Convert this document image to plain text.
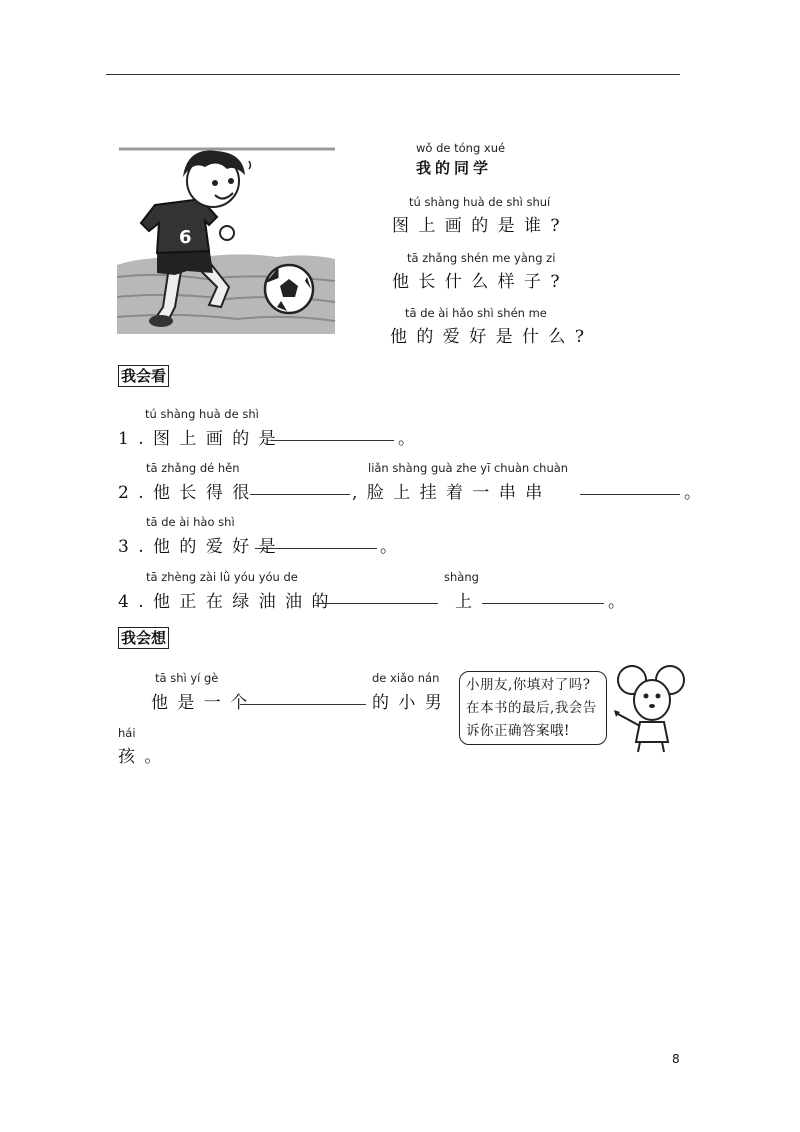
6
wǒ de tóng xué
我的同学
tú shàng huà de shì shuí
图 上 画 的 是 谁 ?
tā zhǎng shén me yàng zi
他 长 什 么 样 子 ?
tā de ài hǎo shì shén me
他 的 爱 好 是 什 么 ?
我会看
tú shàng huà de shì
1 . 图 上 画 的 是	。
tā zhǎng dé hěn	liǎn shàng guà zhe yī chuàn chuàn
2 . 他 长 得 很	, 脸 上 挂 着 一 串 串	。
tā de ài hào shì
3 . 他 的 爱 好 是	。
tā zhèng zài lǜ yóu yóu de	shàng
4 . 他 正 在 绿 油 油 的	上	。
我会想
tā shì yí gè	de xiǎo nán
他 是 一 个	的 小 男
hái
孩 。
小朋友,你填对了吗?
在本书的最后,我会告
诉你正确答案哦!
8
